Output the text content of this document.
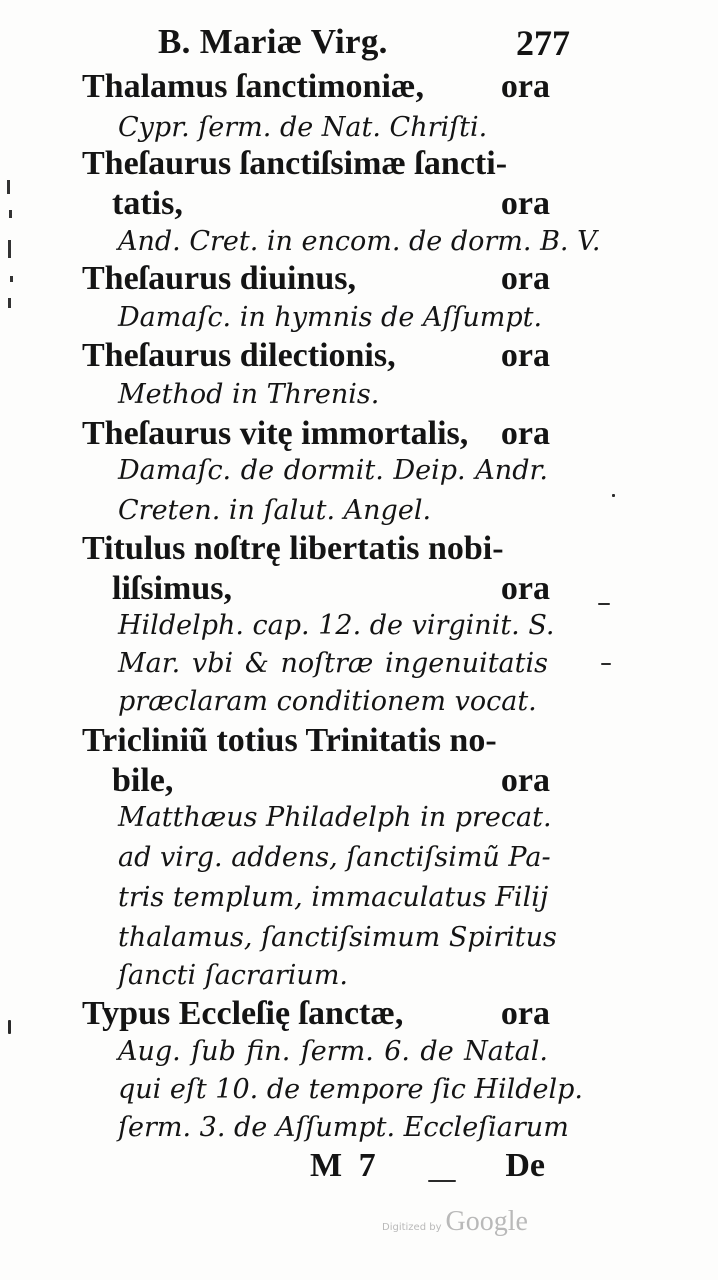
B. Mariæ Virg.	277
Thalamus ſanctimoniæ, ora
Cypr. ſerm. de Nat. Chriſti.
Theſaurus ſanctiſsimæ ſancti-
tatis,	ora
And. Cret. in encom. de dorm. B. V.
Theſaurus diuinus,	ora
Damaſc. in hymnis de Aſſumpt.
Theſaurus dilectionis,	ora
Method in Threnis.
Theſaurus vitę immortalis, ora
Damaſc. de dormit. Deip. Andr.
Creten. in ſalut. Angel.
Titulus noſtrę libertatis nobi-
liſsimus,	ora
Hildelph. cap. 12. de virginit. S.
Mar. vbi & noſtræ ingenuitatis
præclaram conditionem vocat.
Tricliniũ totius Trinitatis no-
bile,	ora
Matthæus Philadelph in precat.
ad virg. addens, ſanctiſsimũ Pa-
tris templum, immaculatus Filij
thalamus, ſanctiſsimum Spiritus
ſancti ſacrarium.
Typus Eccleſię ſanctæ,	ora
Aug. ſub fin. ſerm. 6. de Natal.
qui eſt 10. de tempore ſic Hildelp.
ſerm. 3. de Aſſumpt. Eccleſiarum
M 7	De
Digitized by Google
